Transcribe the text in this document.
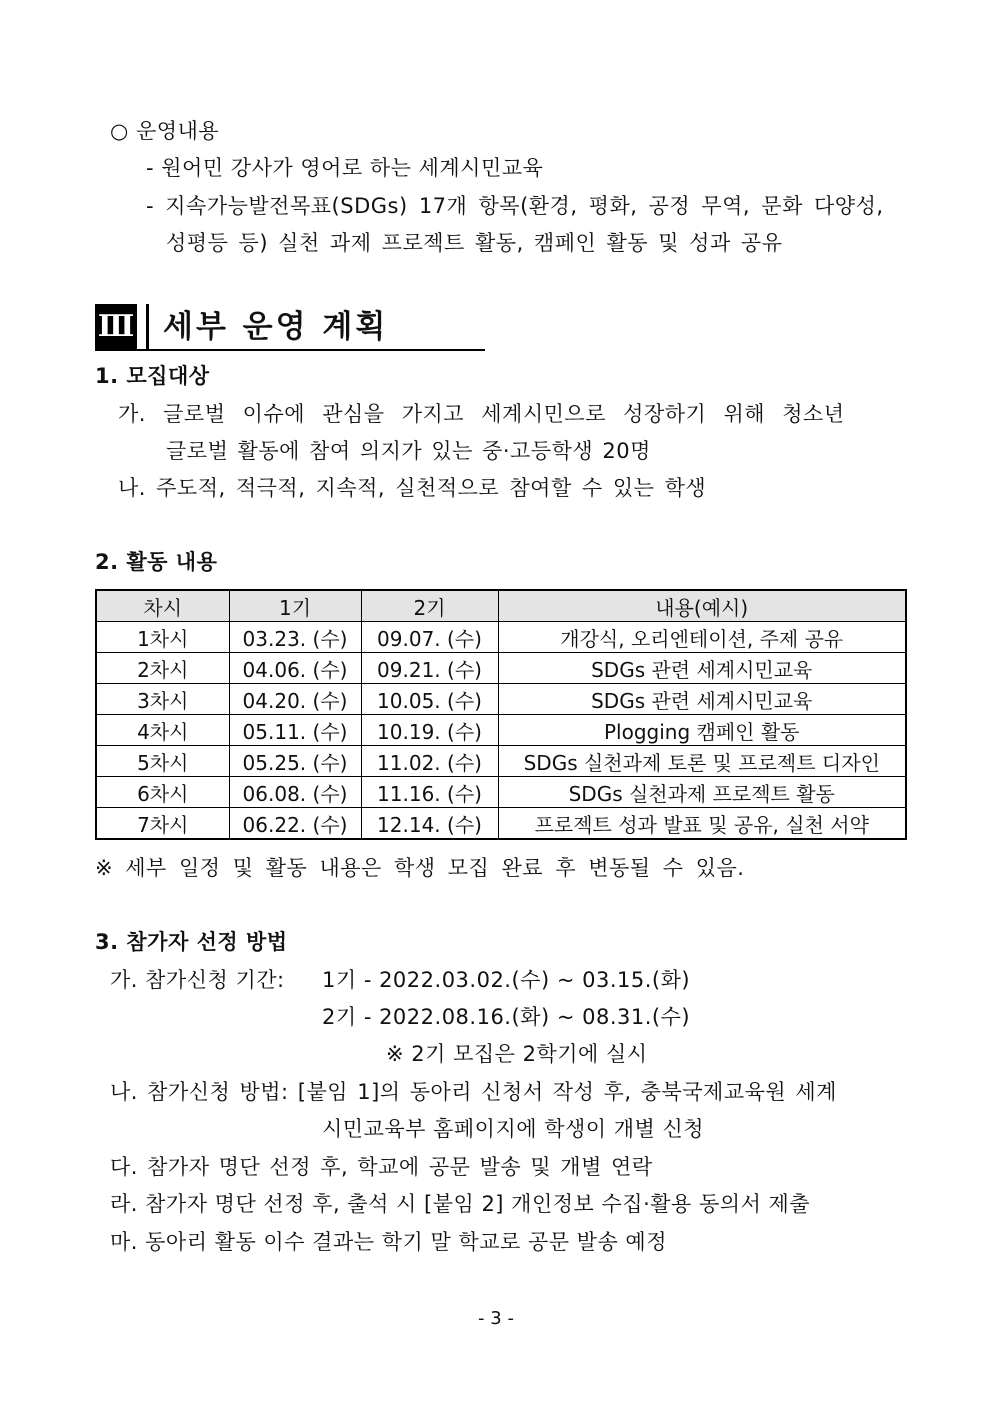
○ 운영내용
- 원어민 강사가 영어로 하는 세계시민교육
- 지속가능발전목표(SDGs) 17개 항목(환경, 평화, 공정 무역, 문화 다양성,
성평등 등) 실천 과제 프로젝트 활동, 캠페인 활동 및 성과 공유
Ⅲ 세부 운영 계획
1. 모집대상
가. 글로벌 이슈에 관심을 가지고 세계시민으로 성장하기 위해 청소년
글로벌 활동에 참여 의지가 있는 중·고등학생 20명
나. 주도적, 적극적, 지속적, 실천적으로 참여할 수 있는 학생
2. 활동 내용
차시	1기	2기	내용(예시)
1차시	03.23. (수)	09.07. (수)	개강식, 오리엔테이션, 주제 공유
2차시	04.06. (수)	09.21. (수)	SDGs 관련 세계시민교육
3차시	04.20. (수)	10.05. (수)	SDGs 관련 세계시민교육
4차시	05.11. (수)	10.19. (수)	Plogging 캠페인 활동
5차시	05.25. (수)	11.02. (수)	SDGs 실천과제 토론 및 프로젝트 디자인
6차시	06.08. (수)	11.16. (수)	SDGs 실천과제 프로젝트 활동
7차시	06.22. (수)	12.14. (수)	프로젝트 성과 발표 및 공유, 실천 서약
※ 세부 일정 및 활동 내용은 학생 모집 완료 후 변동될 수 있음.
3. 참가자 선정 방법
가. 참가신청 기간: 1기 - 2022.03.02.(수) ~ 03.15.(화)
2기 - 2022.08.16.(화) ~ 08.31.(수)
※ 2기 모집은 2학기에 실시
나. 참가신청 방법: [붙임 1]의 동아리 신청서 작성 후, 충북국제교육원 세계
시민교육부 홈페이지에 학생이 개별 신청
다. 참가자 명단 선정 후, 학교에 공문 발송 및 개별 연락
라. 참가자 명단 선정 후, 출석 시 [붙임 2] 개인정보 수집·활용 동의서 제출
마. 동아리 활동 이수 결과는 학기 말 학교로 공문 발송 예정
- 3 -
